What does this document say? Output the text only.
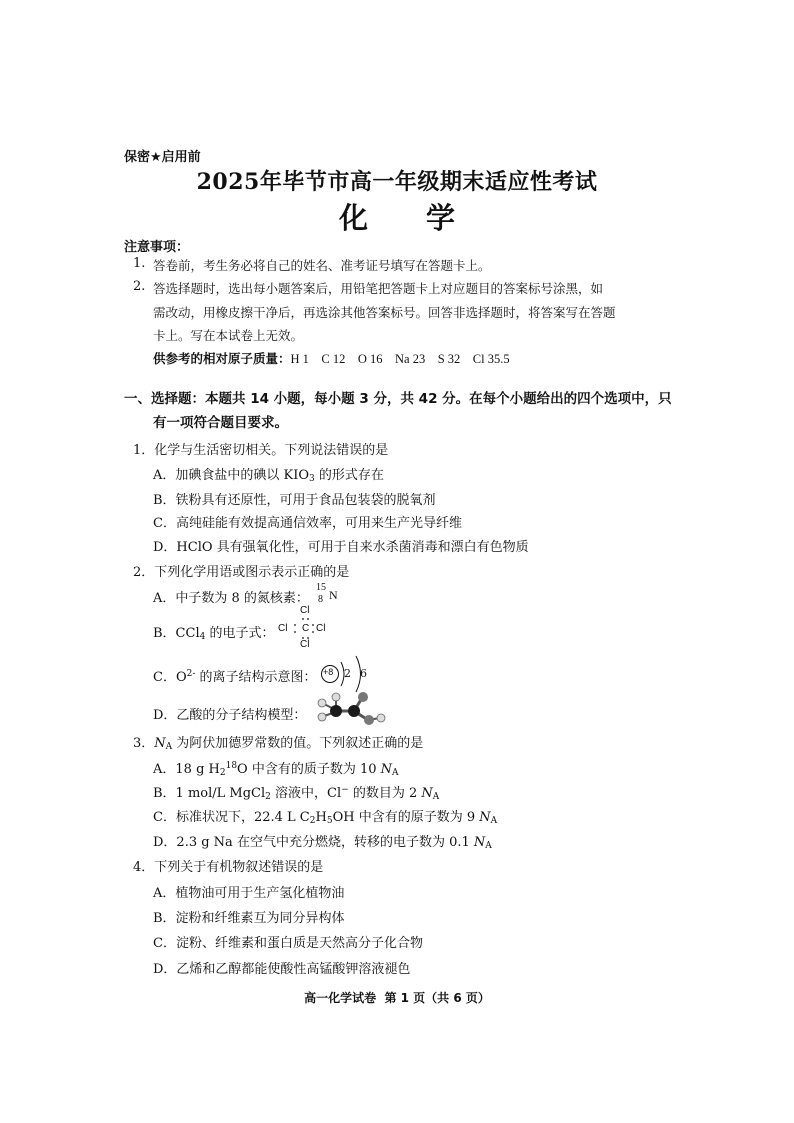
保密★启用前
2025年毕节市高一年级期末适应性考试
化 学
注意事项：
1. 答卷前，考生务必将自己的姓名、准考证号填写在答题卡上。
2. 答选择题时，选出每小题答案后，用铅笔把答题卡上对应题目的答案标号涂黑，如
需改动，用橡皮擦干净后，再选涂其他答案标号。回答非选择题时，将答案写在答题
卡上。写在本试卷上无效。
供参考的相对原子质量：H 1    C 12    O 16    Na 23    S 32    Cl 35.5
一、选择题：本题共 14 小题，每小题 3 分，共 42 分。在每个小题给出的四个选项中，只
有一项符合题目要求。
1．化学与生活密切相关。下列说法错误的是
A．加碘食盐中的碘以 $KIO_3$ 的形式存在
B．铁粉具有还原性，可用于食品包装袋的脱氧剂
C．高纯硅能有效提高通信效率，可用来生产光导纤维
D．HClO 具有强氧化性，可用于自来水杀菌消毒和漂白有色物质
2．下列化学用语或图示表示正确的是
A．中子数为 8 的氮核素：
15
8 N
B．CCl$_4$ 的电子式：
Cl
Cl C Cl
Cl
C．$O^{2-}$ 的离子结构示意图： +8 2 6
D．乙酸的分子结构模型：
3．$N_A$ 为阿伏加德罗常数的值。下列叙述正确的是
A．18 g $H_2^{18}O$ 中含有的质子数为 10 $N_A$
B．1 mol/L MgCl$_2$ 溶液中，Cl− 的数目为 2 $N_A$
C．标准状况下，22.4 L $C_2H_5OH$ 中含有的原子数为 9 $N_A$
D．2.3 g Na 在空气中充分燃烧，转移的电子数为 0.1 $N_A$
4．下列关于有机物叙述错误的是
A．植物油可用于生产氢化植物油
B．淀粉和纤维素互为同分异构体
C．淀粉、纤维素和蛋白质是天然高分子化合物
D．乙烯和乙醇都能使酸性高锰酸钾溶液褪色
高一化学试卷  第 1 页（共 6 页）
